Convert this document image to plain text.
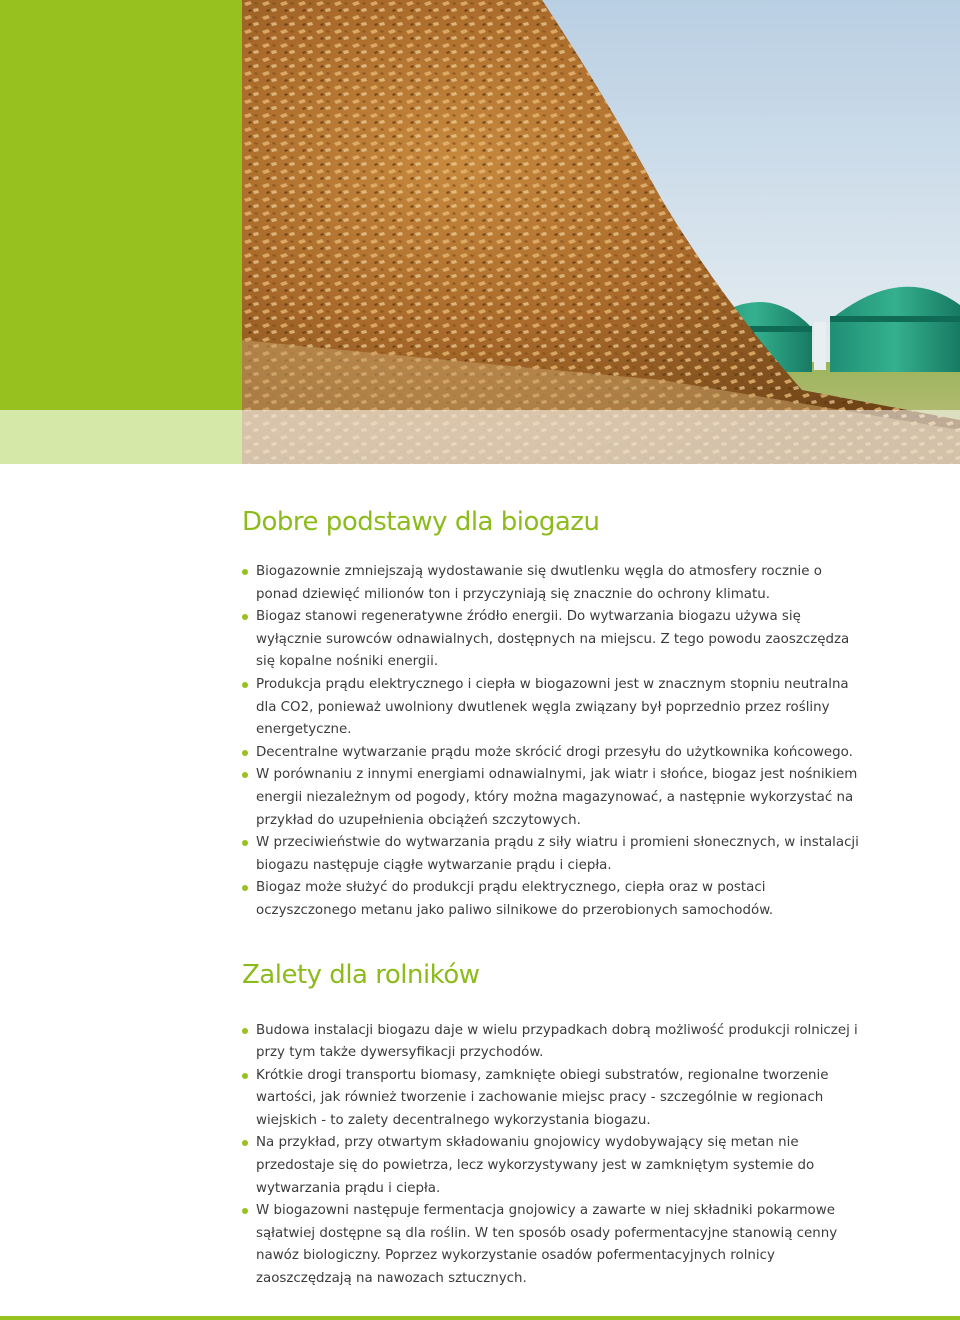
Dobre podstawy dla biogazu
Biogazownie zmniejszają wydostawanie się dwutlenku węgla do atmosfery rocznie o ponad dziewięć milionów ton i przyczyniają się znacznie do ochrony klimatu.
Biogaz stanowi regeneratywne źródło energii. Do wytwarzania biogazu używa się wyłącznie surowców odnawialnych, dostępnych na miejscu. Z tego powodu zaoszczędza się kopalne nośniki energii.
Produkcja prądu elektrycznego i ciepła w biogazowni jest w znacznym stopniu neutralna dla CO2, ponieważ uwolniony dwutlenek węgla związany był poprzednio przez rośliny energetyczne.
Decentralne wytwarzanie prądu może skrócić drogi przesyłu do użytkownika końcowego.
W porównaniu z innymi energiami odnawialnymi, jak wiatr i słońce, biogaz jest nośnikiem energii niezależnym od pogody, który można magazynować, a następnie wykorzystać na przykład do uzupełnienia obciążeń szczytowych.
W przeciwieństwie do wytwarzania prądu z siły wiatru i promieni słonecznych, w instalacji biogazu następuje ciągłe wytwarzanie prądu i ciepła.
Biogaz może służyć do produkcji prądu elektrycznego, ciepła oraz w postaci oczyszczonego metanu jako paliwo silnikowe do przerobionych samochodów.
Zalety dla rolników
Budowa instalacji biogazu daje w wielu przypadkach dobrą możliwość produkcji rolniczej i przy tym także dywersyfikacji przychodów.
Krótkie drogi transportu biomasy, zamknięte obiegi substratów, regionalne tworzenie wartości, jak również tworzenie i zachowanie miejsc pracy - szczególnie w regionach wiejskich - to zalety decentralnego wykorzystania biogazu.
Na przykład, przy otwartym składowaniu gnojowicy wydobywający się metan nie przedostaje się do powietrza, lecz wykorzystywany jest w zamkniętym systemie do wytwarzania prądu i ciepła.
W biogazowni następuje fermentacja gnojowicy a zawarte w niej składniki pokarmowe sąłatwiej dostępne są dla roślin. W ten sposób osady pofermentacyjne stanowią cenny nawóz biologiczny. Poprzez wykorzystanie osadów pofermentacyjnych rolnicy zaoszczędzają na nawozach sztucznych.
